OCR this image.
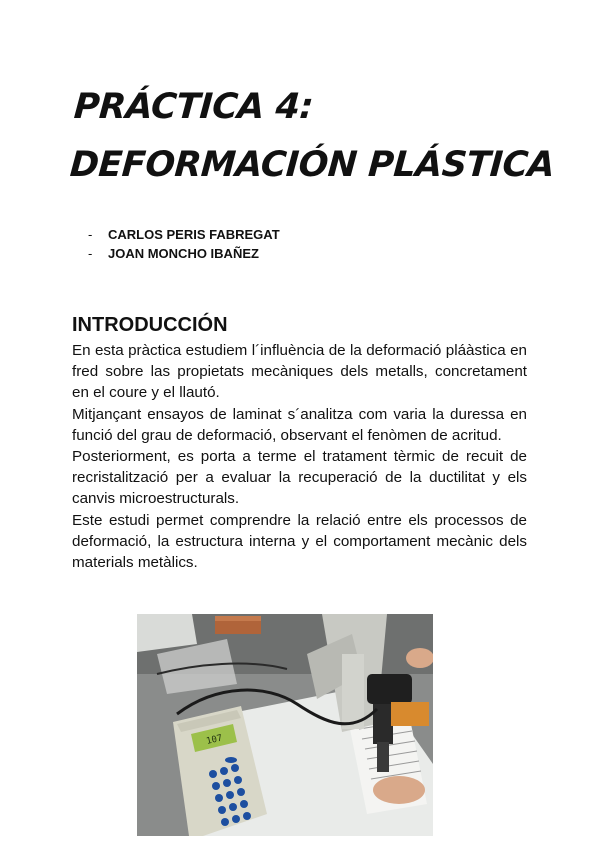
PRÁCTICA 4:
DEFORMACIÓN PLÁSTICA
-	CARLOS PERIS FABREGAT
-	JOAN MONCHO IBAÑEZ
INTRODUCCIÓN

En esta pràctica estudiem l´influència de la deformació pláàstica en fred sobre las propietats mecàniques dels metalls, concretament en el coure y el llautó.

Mitjançant ensayos de laminat s´analitza com varia la duressa en funció del grau de deformació, observant el fenòmen de acritud.

Posteriorment, es porta a terme el tratament tèrmic de recuit de recristalització per a evaluar la recuperació de la ductilitat y els canvis microestructurals.

Este estudi permet comprendre la relació entre els processos de deformació, la estructura interna y el comportament mecànic dels materials metàlics.

107
